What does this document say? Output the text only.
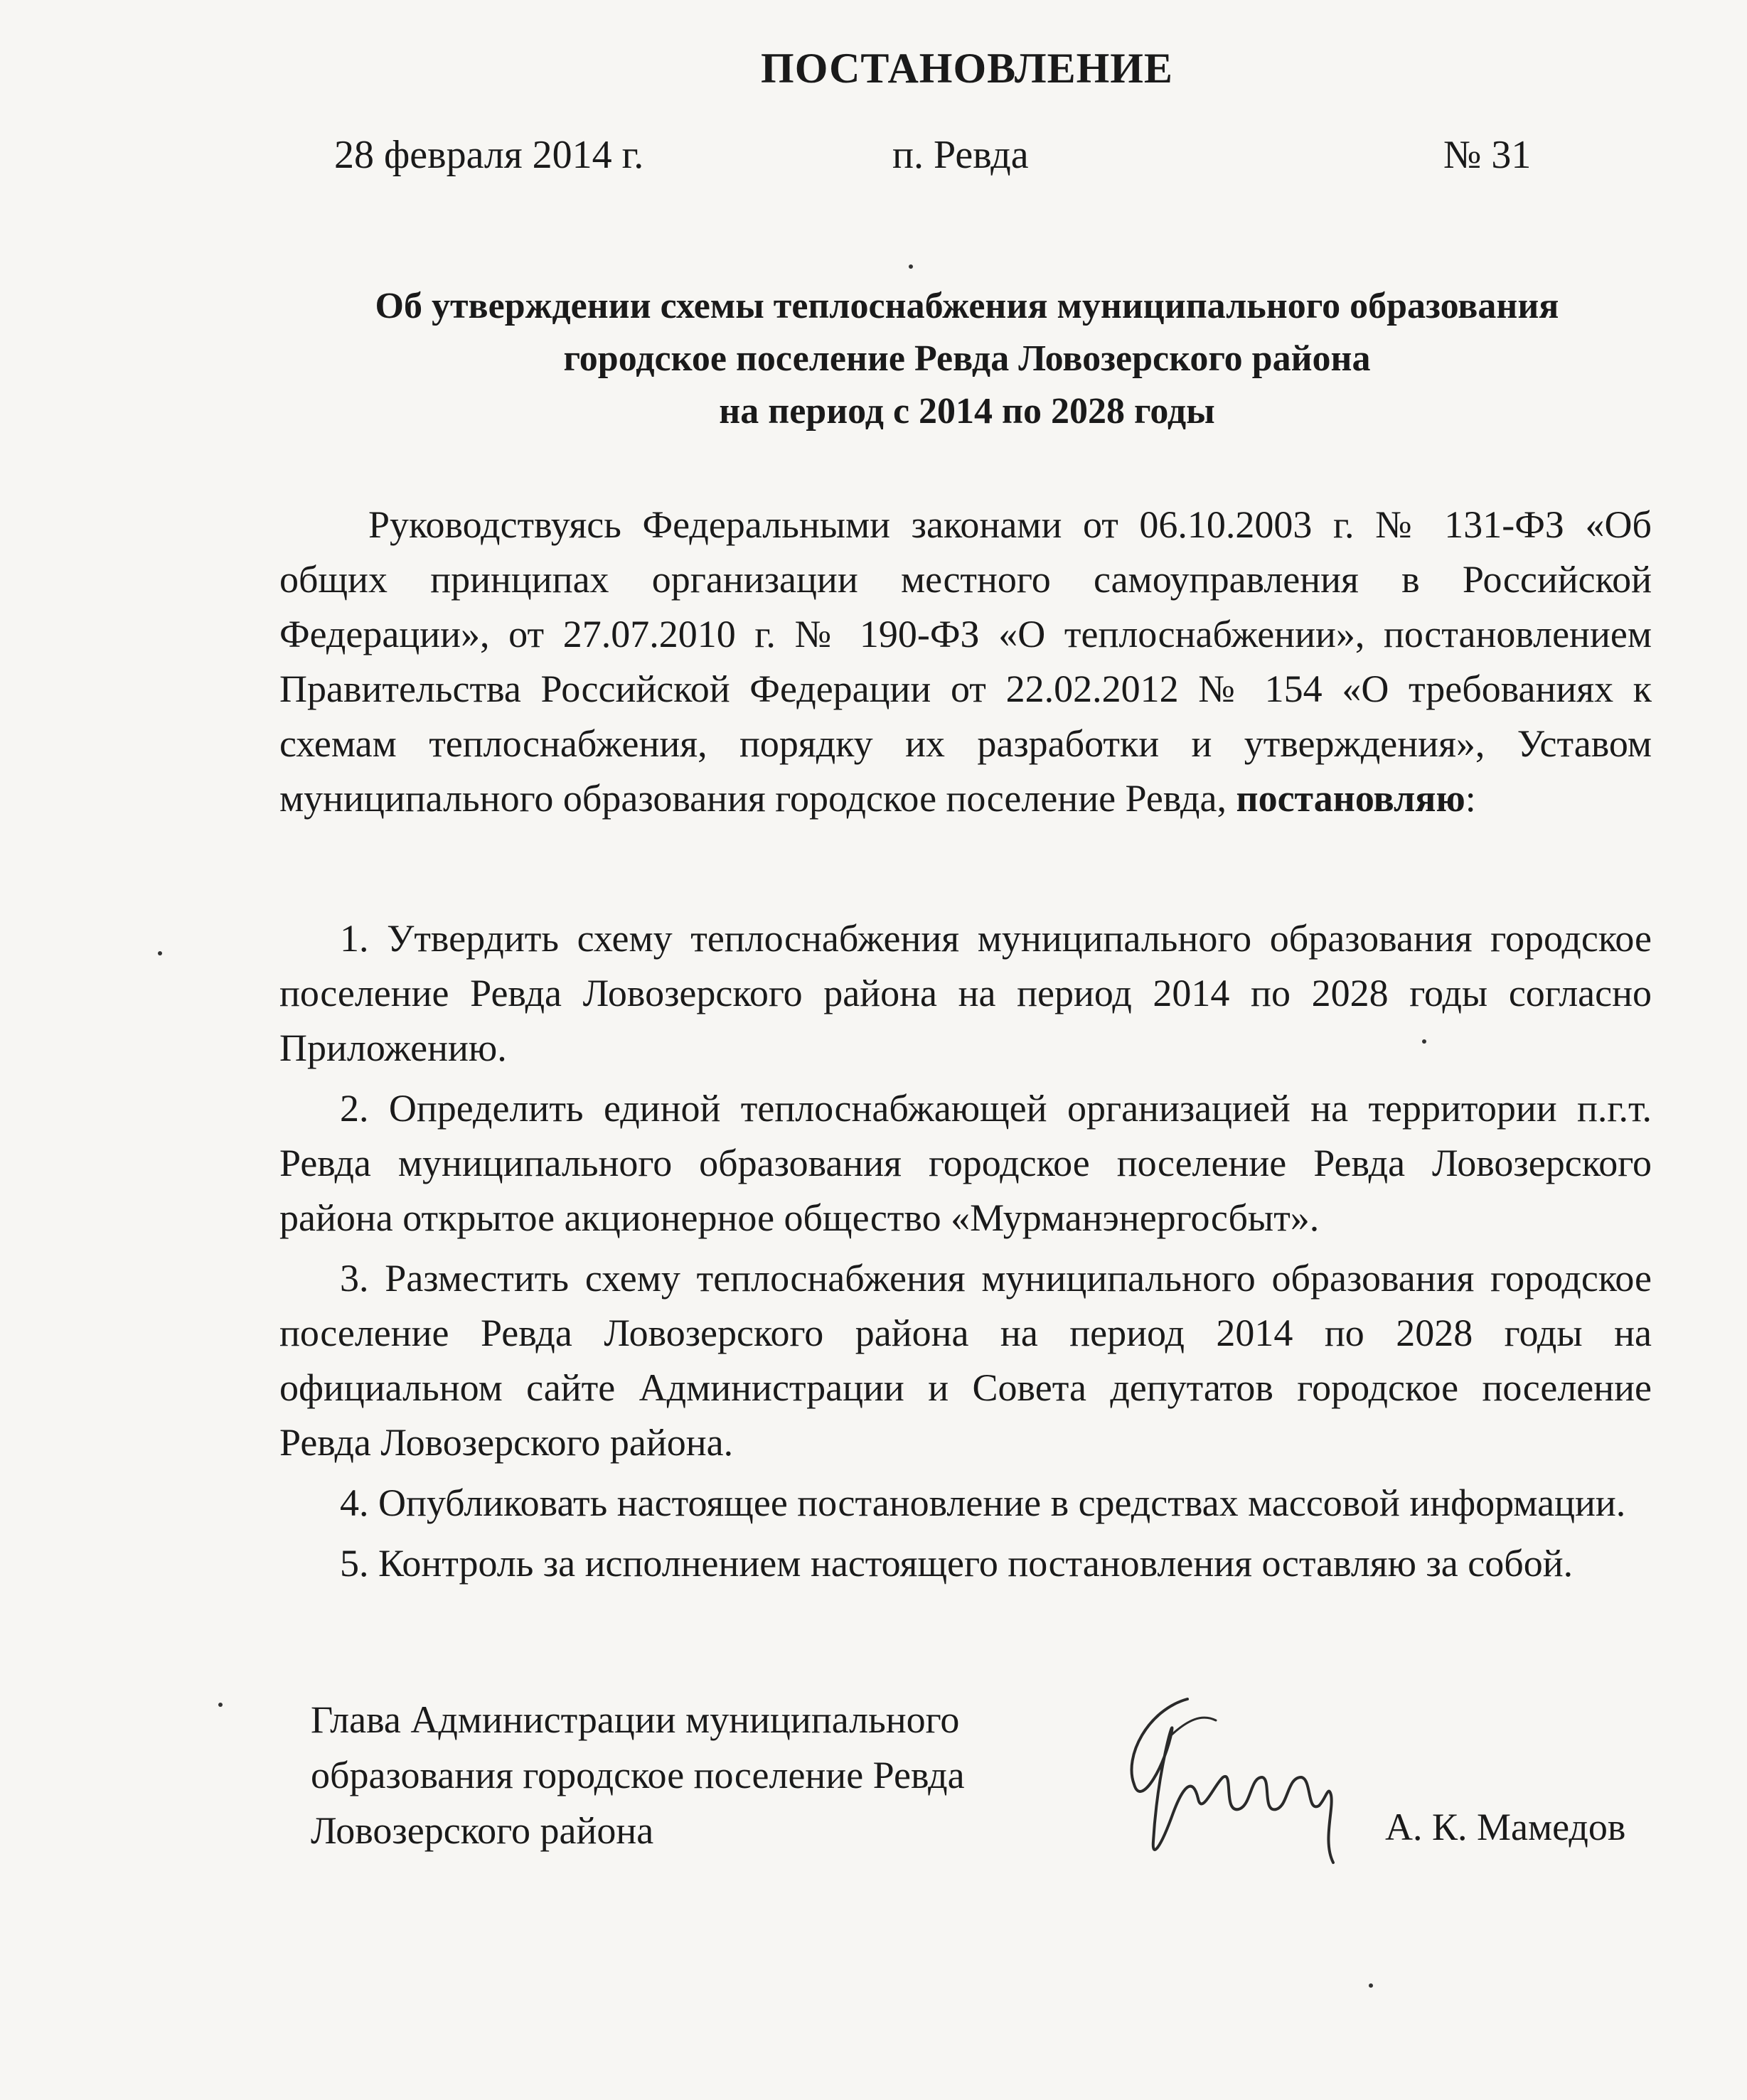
ПОСТАНОВЛЕНИЕ
28 февраля 2014 г.	п. Ревда	№ 31
Об утверждении схемы теплоснабжения муниципального образования
городское поселение Ревда Ловозерского района
на период с 2014 по 2028 годы
Руководствуясь Федеральными законами от 06.10.2003 г. № 131-ФЗ «Об общих принципах организации местного самоуправления в Российской Федерации», от 27.07.2010 г. № 190-ФЗ «О теплоснабжении», постановлением Правительства Российской Федерации от 22.02.2012 № 154 «О требованиях к схемам теплоснабжения, порядку их разработки и утверждения», Уставом муниципального образования городское поселение Ревда, постановляю:
1. Утвердить схему теплоснабжения муниципального образования городское поселение Ревда Ловозерского района на период 2014 по 2028 годы согласно Приложению.
2. Определить единой теплоснабжающей организацией на территории п.г.т. Ревда муниципального образования городское поселение Ревда Ловозерского района открытое акционерное общество «Мурманэнергосбыт».
3. Разместить схему теплоснабжения муниципального образования городское поселение Ревда Ловозерского района на период 2014 по 2028 годы на официальном сайте Администрации и Совета депутатов городское поселение Ревда Ловозерского района.
4. Опубликовать настоящее постановление в средствах массовой информации.
5. Контроль за исполнением настоящего постановления оставляю за собой.
Глава Администрации муниципального
образования городское поселение Ревда
Ловозерского района	А. К. Мамедов
